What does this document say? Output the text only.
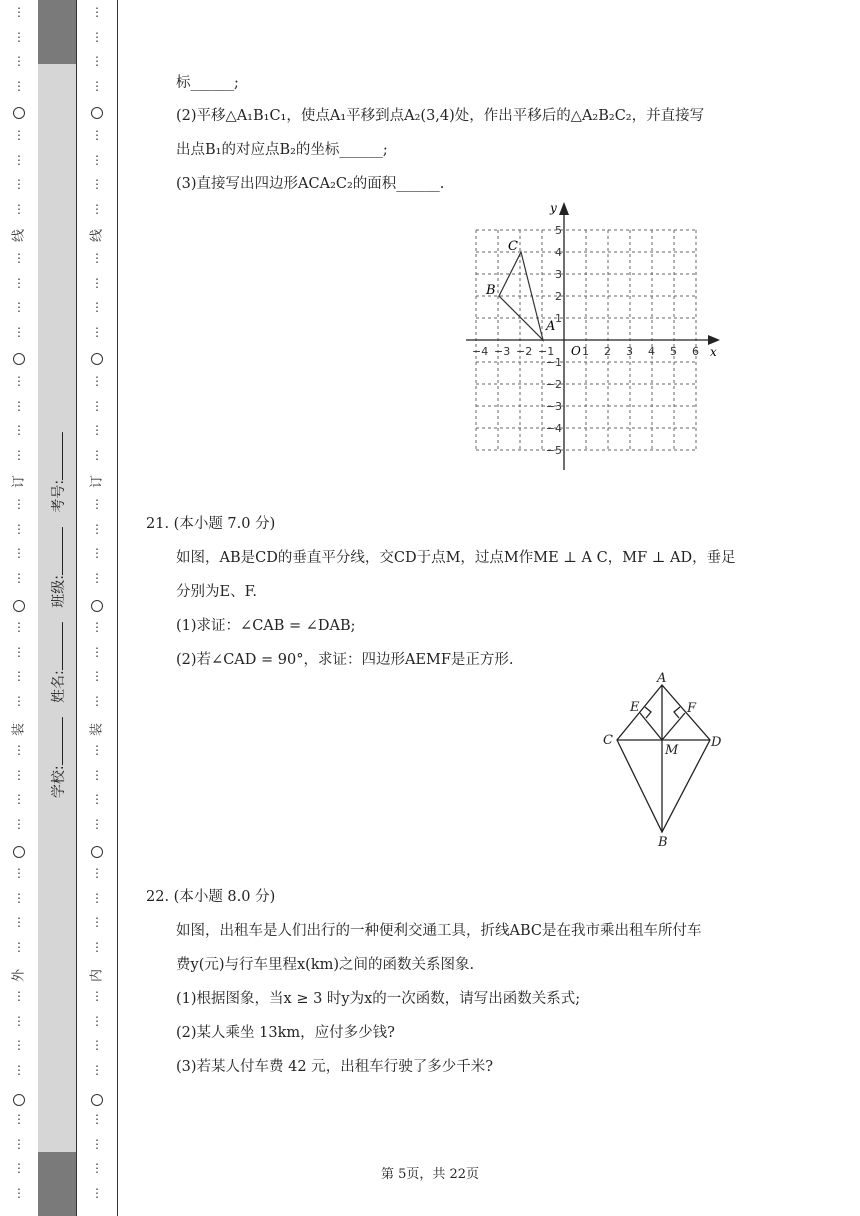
⋮
⋮
⋮
⋮
⋮
⋮
⋮
⋮
⋮
⋮
⋮
⋮
⋮
⋮
⋮
⋮
⋮
⋮
⋮
⋮
⋮
⋮
⋮
⋮
⋮
⋮
⋮
⋮
⋮
⋮
⋮
⋮
⋮
⋮
⋮
⋮
⋮
⋮
⋮
⋮
线
订
装
外
⋮
⋮
⋮
⋮
⋮
⋮
⋮
⋮
⋮
⋮
⋮
⋮
⋮
⋮
⋮
⋮
⋮
⋮
⋮
⋮
⋮
⋮
⋮
⋮
⋮
⋮
⋮
⋮
⋮
⋮
⋮
⋮
⋮
⋮
⋮
⋮
⋮
⋮
⋮
⋮
线
订
装
内
学校: 姓名: 班级: 考号:
标______;
(2)平移△A₁B₁C₁，使点A₁平移到点A₂(3,4)处，作出平移后的△A₂B₂C₂，并直接写
出点B₁的对应点B₂的坐标______;
(3)直接写出四边形ACA₂C₂的面积______.
−4 −3 −2 −1	1 2 3 4 5 6
5
4
3
2
1
−1
−2
−3
−4
−5
O	x
y
A
B
C
21. (本小题 7.0 分)
如图，AB是CD的垂直平分线，交CD于点M，过点M作ME ⊥ A C，MF ⊥ AD，垂足
分别为E、F.
(1)求证：∠CAB = ∠DAB;
(2)若∠CAD = 90°，求证：四边形AEMF是正方形.
A
E	F
C	D
M
B
22. (本小题 8.0 分)
如图，出租车是人们出行的一种便利交通工具，折线ABC是在我市乘出租车所付车
费y(元)与行车里程x(km)之间的函数关系图象.
(1)根据图象，当x ≥ 3 时y为x的一次函数，请写出函数关系式;
(2)某人乘坐 13km，应付多少钱?
(3)若某人付车费 42 元，出租车行驶了多少千米?
第 5页，共 22页
